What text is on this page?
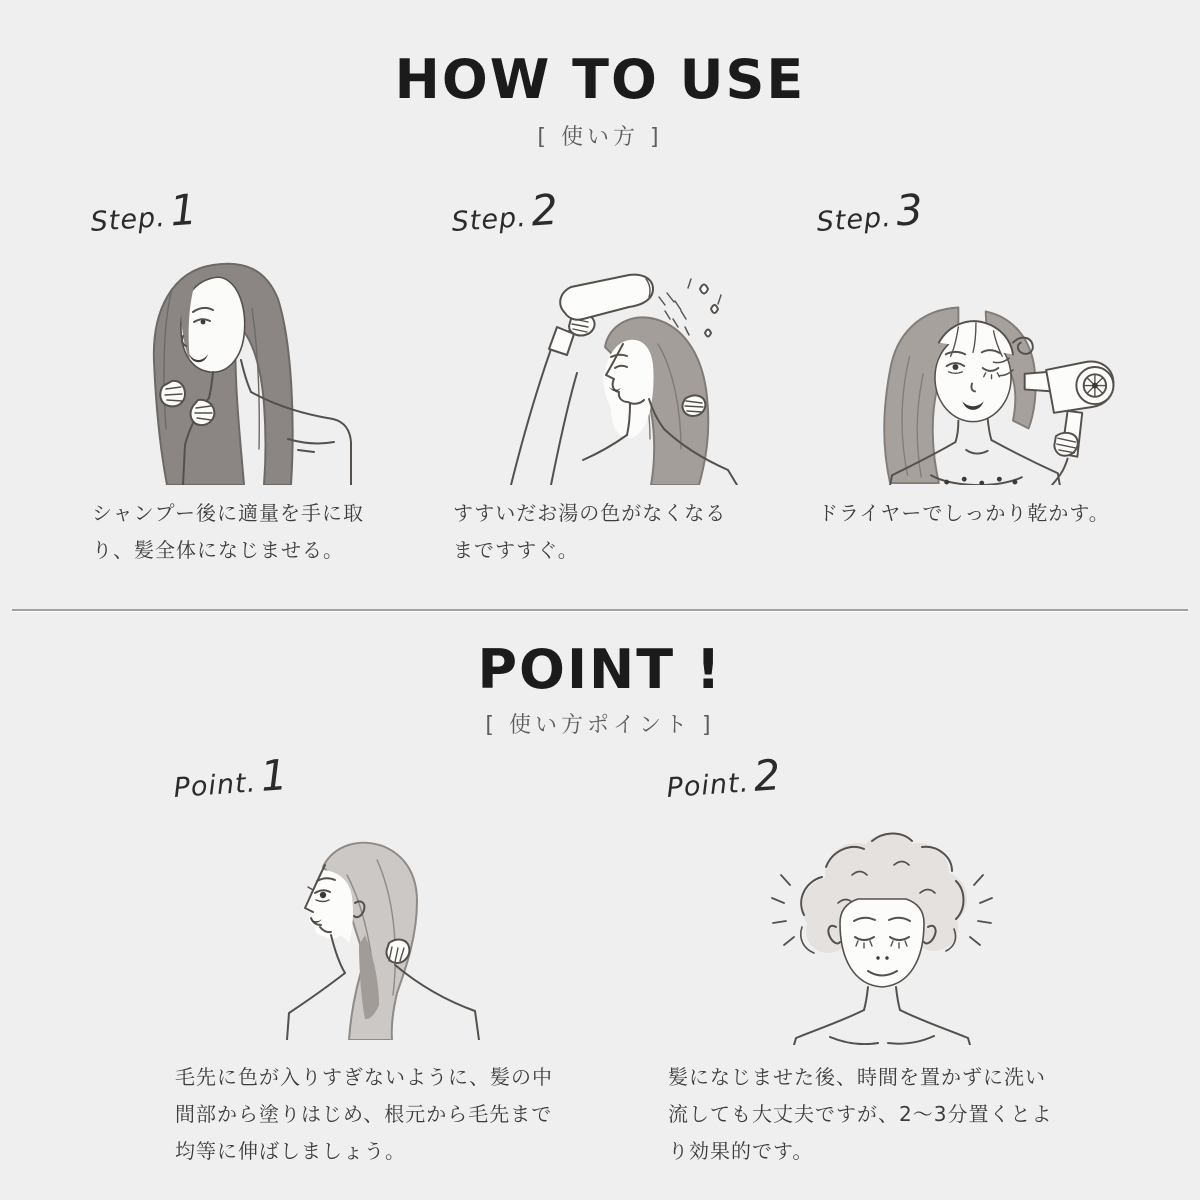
HOW TO USE
[ 使い方 ]
Step.1

シャンプー後に適量を手に取り、髪全体になじませる。

Step.2

すすいだお湯の色がなくなるまですすぐ。

Step.3

ドライヤーでしっかり乾かす。

POINT !
[ 使い方ポイント ]
Point.1

毛先に色が入りすぎないように、髪の中間部から塗りはじめ、根元から毛先まで均等に伸ばしましょう。

Point.2

髪になじませた後、時間を置かずに洗い流しても大丈夫ですが、2〜3分置くとより効果的です。
